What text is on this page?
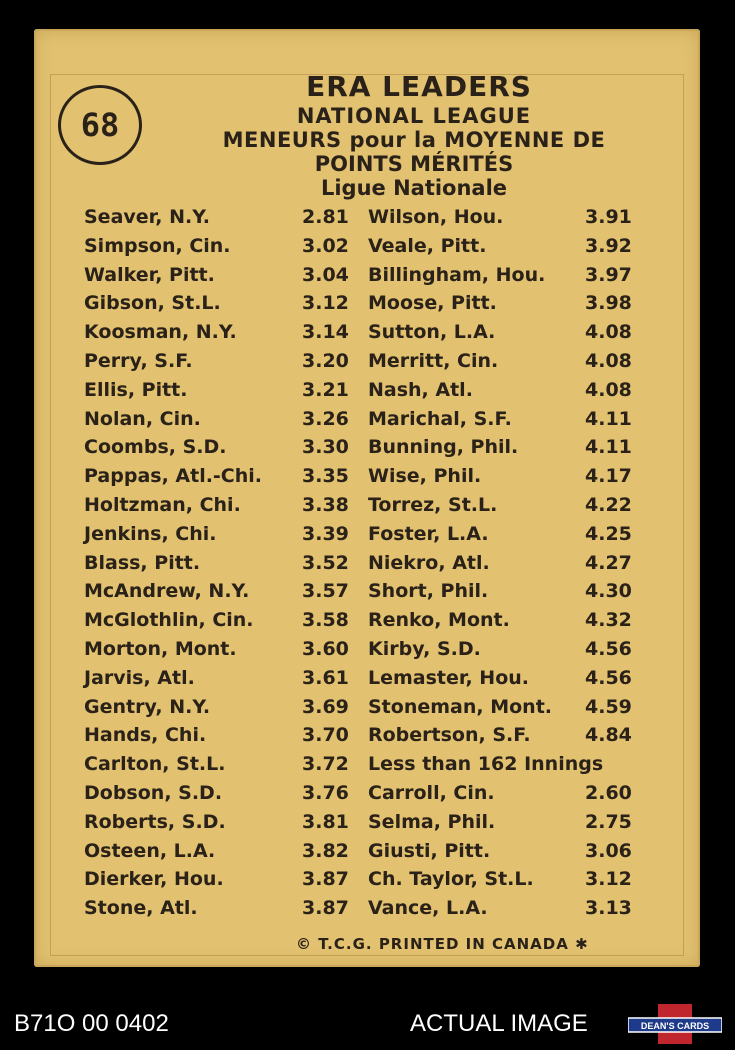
68
ERA LEADERS
NATIONAL LEAGUE
MENEURS pour la MOYENNE DE
POINTS MÉRITÉS
Ligue Nationale
Seaver, N.Y.	2.81 Wilson, Hou.	3.91
Simpson, Cin.	3.02 Veale, Pitt.	3.92
Walker, Pitt.	3.04 Billingham, Hou. 3.97
Gibson, St.L.	3.12 Moose, Pitt.	3.98
Koosman, N.Y.	3.14 Sutton, L.A.	4.08
Perry, S.F.	3.20 Merritt, Cin.	4.08
Ellis, Pitt.	3.21 Nash, Atl.	4.08
Nolan, Cin.	3.26 Marichal, S.F.	4.11
Coombs, S.D.	3.30 Bunning, Phil.	4.11
Pappas, Atl.-Chi. 3.35 Wise, Phil.	4.17
Holtzman, Chi.	3.38 Torrez, St.L.	4.22
Jenkins, Chi.	3.39 Foster, L.A.	4.25
Blass, Pitt.	3.52 Niekro, Atl.	4.27
McAndrew, N.Y.	3.57 Short, Phil.	4.30
McGlothlin, Cin.	3.58 Renko, Mont.	4.32
Morton, Mont.	3.60 Kirby, S.D.	4.56
Jarvis, Atl.	3.61 Lemaster, Hou.	4.56
Gentry, N.Y.	3.69 Stoneman, Mont. 4.59
Hands, Chi.	3.70 Robertson, S.F.	4.84
Carlton, St.L.	3.72 Less than 162 Innings
Dobson, S.D.	3.76 Carroll, Cin.	2.60
Roberts, S.D.	3.81 Selma, Phil.	2.75
Osteen, L.A.	3.82 Giusti, Pitt.	3.06
Dierker, Hou.	3.87 Ch. Taylor, St.L.	3.12
Stone, Atl.	3.87 Vance, L.A.	3.13
© T.C.G. PRINTED IN CANADA ✱
B71O 00 0402	ACTUAL IMAGE	DEAN'S CARDS
